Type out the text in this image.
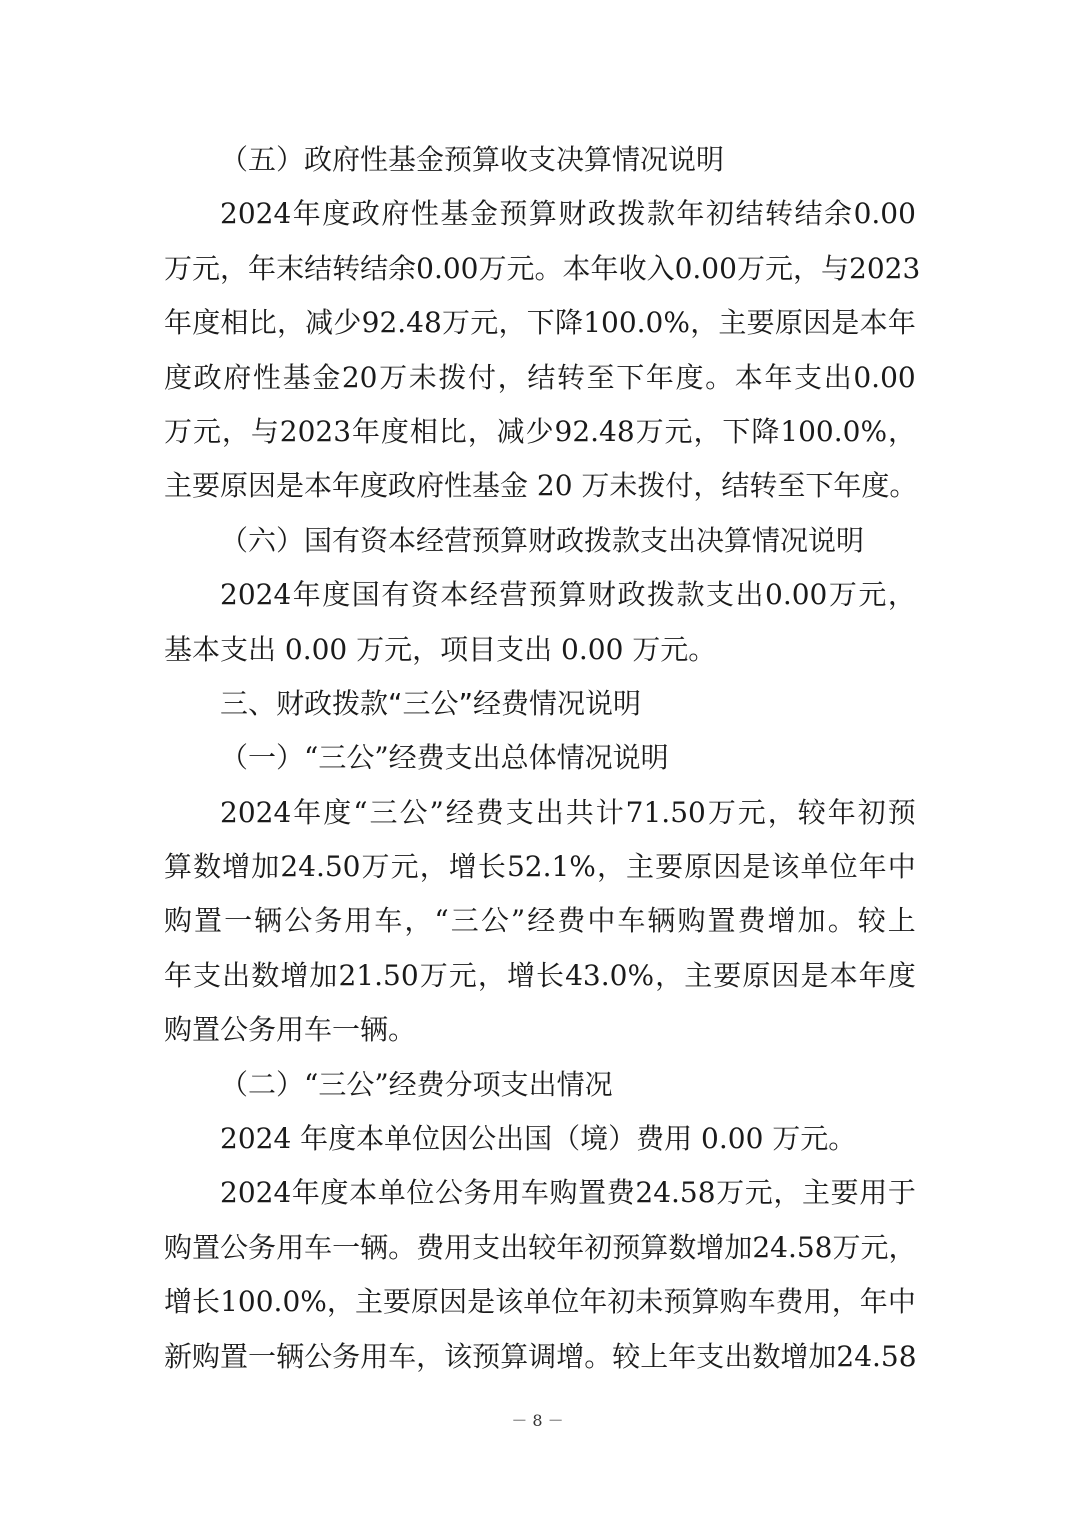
（五）政府性基金预算收支决算情况说明
2024 年 度 政 府 性 基 金 预 算 财 政 拨 款 年 初 结 转 结 余 0.00
万 元 ， 年 末 结 转 结 余 0.00 万 元 。 本 年 收 入 0.00 万 元 ， 与 2023
年 度 相 比 ， 减 少 92.48 万 元 ， 下 降 100.0% ， 主 要 原 因 是 本 年
度 政 府 性 基 金 20 万 未 拨 付 ， 结 转 至 下 年 度 。 本 年 支 出 0.00
万 元 ， 与 2023 年 度 相 比 ， 减 少 92.48 万 元 ， 下 降 100.0% ，
主要原因是本年度政府性基金 20 万未拨付，结转至下年度。
（六）国有资本经营预算财政拨款支出决算情况说明
2024 年 度 国 有 资 本 经 营 预 算 财 政 拨 款 支 出 0.00 万 元 ，
基本支出 0.00 万元，项目支出 0.00 万元。
三、财政拨款“三公”经费情况说明
（一）“三公”经费支出总体情况说明
2024 年 度 “ 三 公 ” 经 费 支 出 共 计 71.50 万 元 ， 较 年 初 预
算 数 增 加 24.50 万 元 ， 增 长 52.1% ， 主 要 原 因 是 该 单 位 年 中
购 置 一 辆 公 务 用 车 ， “ 三 公 ” 经 费 中 车 辆 购 置 费 增 加 。 较 上
年 支 出 数 增 加 21.50 万 元 ， 增 长 43.0% ， 主 要 原 因 是 本 年 度
购置公务用车一辆。
（二）“三公”经费分项支出情况
2024 年度本单位因公出国（境）费用 0.00 万元。
2024 年 度 本 单 位 公 务 用 车 购 置 费 24.58 万 元 ， 主 要 用 于
购 置 公 务 用 车 一 辆 。 费 用 支 出 较 年 初 预 算 数 增 加 24.58 万 元 ，
增 长 100.0% ， 主 要 原 因 是 该 单 位 年 初 未 预 算 购 车 费 用 ， 年 中
新 购 置 一 辆 公 务 用 车 ， 该 预 算 调 增 。 较 上 年 支 出 数 增 加 24.58
－ 8 －
